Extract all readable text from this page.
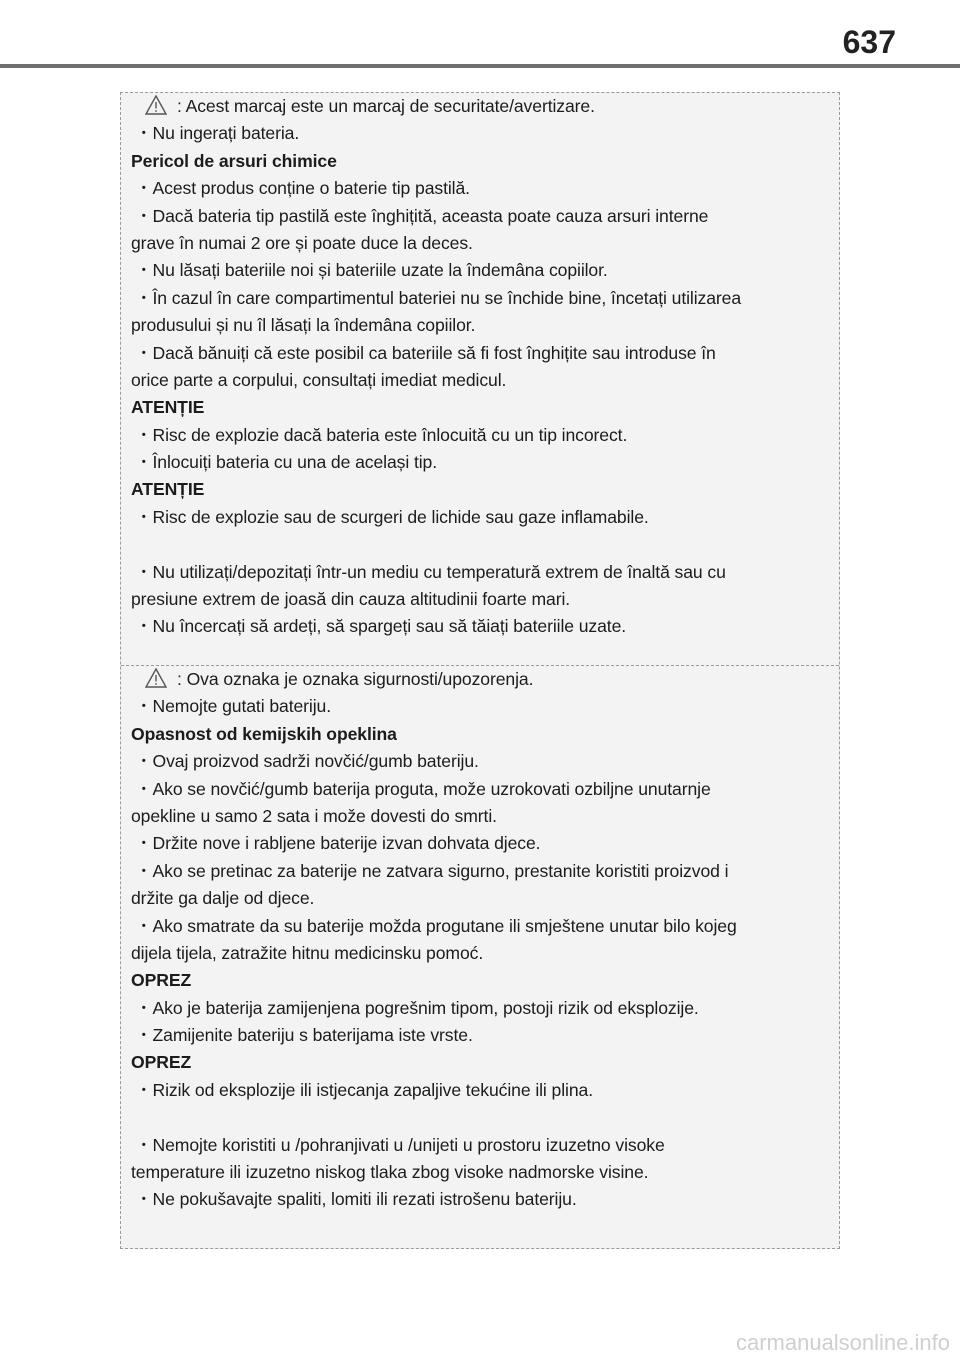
637
: Acest marcaj este un marcaj de securitate/avertizare.
・Nu ingerați bateria.
Pericol de arsuri chimice
・Acest produs conține o baterie tip pastilă.
・Dacă bateria tip pastilă este înghițită, aceasta poate cauza arsuri interne
grave în numai 2 ore și poate duce la deces.
・Nu lăsați bateriile noi și bateriile uzate la îndemâna copiilor.
・În cazul în care compartimentul bateriei nu se închide bine, încetați utilizarea
produsului și nu îl lăsați la îndemâna copiilor.
・Dacă bănuiți că este posibil ca bateriile să fi fost înghițite sau introduse în
orice parte a corpului, consultați imediat medicul.
ATENȚIE
・Risc de explozie dacă bateria este înlocuită cu un tip incorect.
・Înlocuiți bateria cu una de același tip.
ATENȚIE
・Risc de explozie sau de scurgeri de lichide sau gaze inflamabile.
・Nu utilizați/depozitați într-un mediu cu temperatură extrem de înaltă sau cu
presiune extrem de joasă din cauza altitudinii foarte mari.
・Nu încercați să ardeți, să spargeți sau să tăiați bateriile uzate.
: Ova oznaka je oznaka sigurnosti/upozorenja.
・Nemojte gutati bateriju.
Opasnost od kemijskih opeklina
・Ovaj proizvod sadrži novčić/gumb bateriju.
・Ako se novčić/gumb baterija proguta, može uzrokovati ozbiljne unutarnje
opekline u samo 2 sata i može dovesti do smrti.
・Držite nove i rabljene baterije izvan dohvata djece.
・Ako se pretinac za baterije ne zatvara sigurno, prestanite koristiti proizvod i
držite ga dalje od djece.
・Ako smatrate da su baterije možda progutane ili smještene unutar bilo kojeg
dijela tijela, zatražite hitnu medicinsku pomoć.
OPREZ
・Ako je baterija zamijenjena pogrešnim tipom, postoji rizik od eksplozije.
・Zamijenite bateriju s baterijama iste vrste.
OPREZ
・Rizik od eksplozije ili istjecanja zapaljive tekućine ili plina.
・Nemojte koristiti u /pohranjivati u /unijeti u prostoru izuzetno visoke
temperature ili izuzetno niskog tlaka zbog visoke nadmorske visine.
・Ne pokušavajte spaliti, lomiti ili rezati istrošenu bateriju.
carmanualsonline.info
